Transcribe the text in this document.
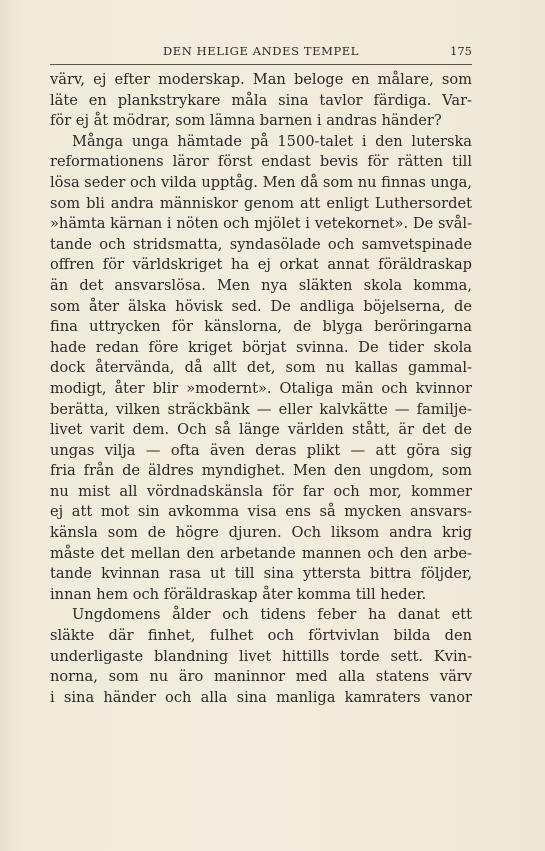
DEN HELIGE ANDES TEMPEL	175
värv, ej efter moderskap. Man beloge en målare, som
läte en plankstrykare måla sina tavlor färdiga. Var-
för ej åt mödrar, som lämna barnen i andras händer?
Många unga hämtade på 1500-talet i den luterska
reformationens läror först endast bevis för rätten till
lösa seder och vilda upptåg. Men då som nu finnas unga,
som bli andra människor genom att enligt Luthersordet
»hämta kärnan i nöten och mjölet i vetekornet». De svål-
tande och stridsmatta, syndasölade och samvetspinade
offren för världskriget ha ej orkat annat föräldraskap
än det ansvarslösa. Men nya släkten skola komma,
som åter älska hövisk sed. De andliga böjelserna, de
fina uttrycken för känslorna, de blyga beröringarna
hade redan före kriget börjat svinna. De tider skola
dock återvända, då allt det, som nu kallas gammal-
modigt, åter blir »modernt». Otaliga män och kvinnor
berätta, vilken sträckbänk — eller kalvkätte — familje-
livet varit dem. Och så länge världen stått, är det de
ungas vilja — ofta även deras plikt — att göra sig
fria från de äldres myndighet. Men den ungdom, som
nu mist all vördnadskänsla för far och mor, kommer
ej att mot sin avkomma visa ens så mycken ansvars-
känsla som de högre djuren. Och liksom andra krig
måste det mellan den arbetande mannen och den arbe-
tande kvinnan rasa ut till sina yttersta bittra följder,
innan hem och föräldraskap åter komma till heder.
Ungdomens ålder och tidens feber ha danat ett
släkte där finhet, fulhet och förtvivlan bilda den
underligaste blandning livet hittills torde sett. Kvin-
norna, som nu äro maninnor med alla statens värv
i sina händer och alla sina manliga kamraters vanor
